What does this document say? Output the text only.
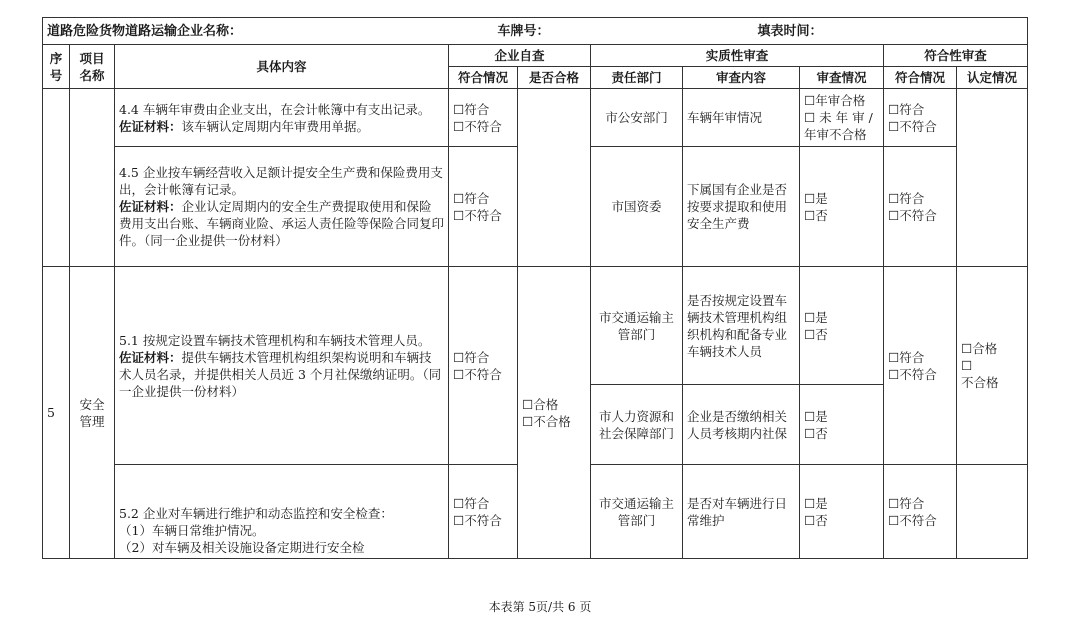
道路危险货物道路运输企业名称： 车牌号： 填表时间：									

序号	项目名称	具体内容	企业自查		实质性审查			符合性审查	
			符合情况	是否合格	责任部门	审查内容	审查情况	符合情况	认定情况

		4.4 车辆年审费由企业支出，在会计帐簿中有支出记录。
佐证材料：该车辆认定周期内年审费用单据。	☐符合
☐不符合		市公安部门	车辆年审情况	☐年审合格
☐ 未 年 审 /
年审不合格	☐符合
☐不符合	

		4.5 企业按车辆经营收入足额计提安全生产费和保险费用支出，会计帐簿有记录。
佐证材料：企业认定周期内的安全生产费提取使用和保险费用支出台账、车辆商业险、承运人责任险等保险合同复印件。（同一企业提供一份材料）	☐符合
☐不符合		市国资委	下属国有企业是否按要求提取和使用安全生产费	☐是
☐否	☐符合
☐不符合	

5	安全管理	5.1 按规定设置车辆技术管理机构和车辆技术管理人员。
佐证材料：提供车辆技术管理机构组织架构说明和车辆技术人员名录，并提供相关人员近 3 个月社保缴纳证明。（同一企业提供一份材料）	☐符合
☐不符合	☐合格
☐不合格	市交通运输主管部门	是否按规定设置车辆技术管理机构组织机构和配备专业车辆技术人员	☐是
☐否	☐符合
☐不符合	☐合格
☐
不合格

					市人力资源和社会保障部门	企业是否缴纳相关人员考核期内社保	☐是
☐否		

		5.2 企业对车辆进行维护和动态监控和安全检查：
（1）车辆日常维护情况。
（2）对车辆及相关设施设备定期进行安全检	☐符合
☐不符合		市交通运输主管部门	是否对车辆进行日常维护	☐是
☐否	☐符合
☐不符合	

本表第 5页/共 6 页
